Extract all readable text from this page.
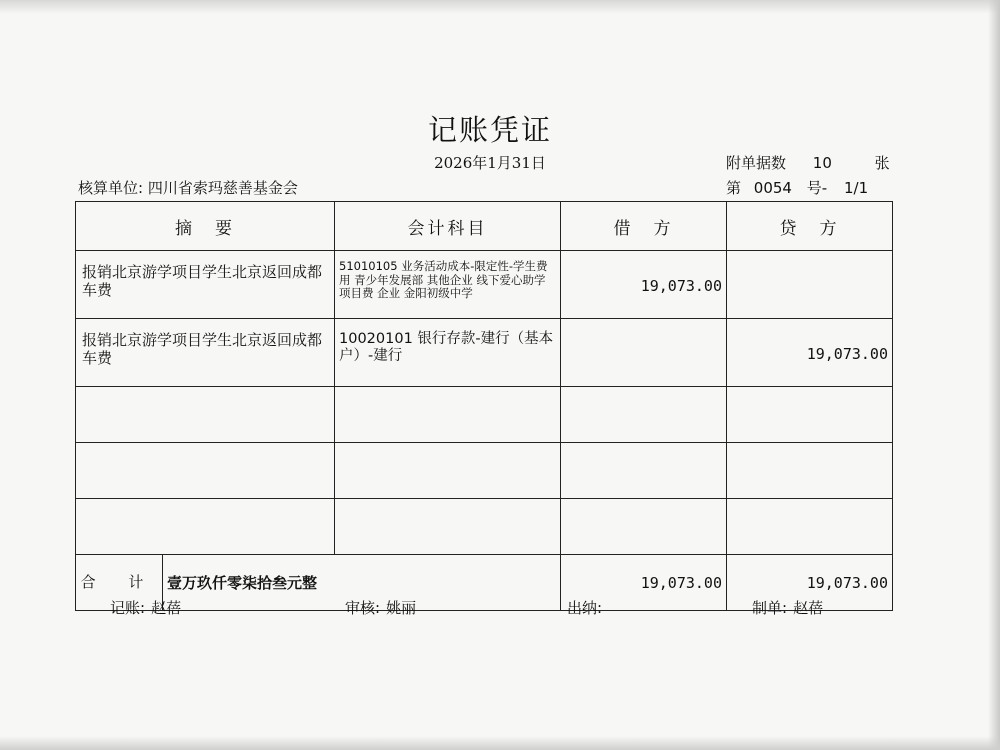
记账凭证
2026年1月31日	附单据数 10	张
核算单位: 四川省索玛慈善基金会	第 0054 号- 1/1
摘　要	会计科目	借　方	贷　方
报销北京游学项目学生北京返回成都车费	51010105 业务活动成本-限定性-学生费用 青少年发展部 其他企业 线下爱心助学 项目费 企业 金阳初级中学	19,073.00	

报销北京游学项目学生北京返回成都车费	10020101 银行存款-建行（基本户）-建行		19,073.00

合 计 壹万玖仟零柒拾叁元整		19,073.00	19,073.00
记账: 赵蓓	审核: 姚丽	出纳:	制单: 赵蓓
